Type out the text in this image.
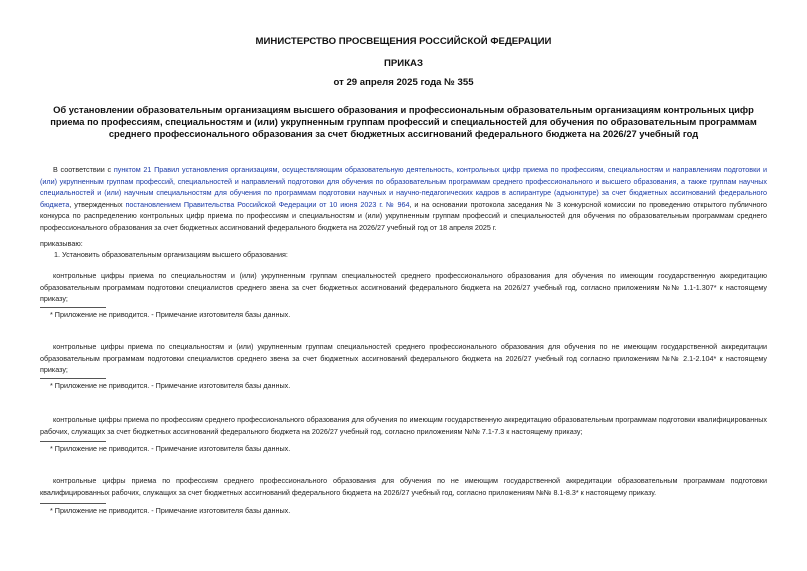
МИНИСТЕРСТВО ПРОСВЕЩЕНИЯ РОССИЙСКОЙ ФЕДЕРАЦИИ
ПРИКАЗ
от 29 апреля 2025 года № 355
Об установлении образовательным организациям высшего образования и профессиональным образовательным организациям контрольных цифр приема по профессиям, специальностям и (или) укрупненным группам профессий и специальностей для обучения по образовательным программам среднего профессионального образования за счет бюджетных ассигнований федерального бюджета на 2026/27 учебный год
В соответствии с пунктом 21 Правил установления организациям, осуществляющим образовательную деятельность, контрольных цифр приема по профессиям, специальностям и направлениям подготовки и (или) укрупненным группам профессий, специальностей и направлений подготовки для обучения по образовательным программам среднего профессионального и высшего образования, а также группам научных специальностей и (или) научным специальностям для обучения по программам подготовки научных и научно-педагогических кадров в аспирантуре (адъюнктуре) за счет бюджетных ассигнований федерального бюджета, утвержденных постановлением Правительства Российской Федерации от 10 июня 2023 г. № 964, и на основании протокола заседания № 3 конкурсной комиссии по проведению открытого публичного конкурса по распределению контрольных цифр приема по профессиям и специальностям и (или) укрупненным группам профессий и специальностей для обучения по образовательным программам среднего профессионального образования за счет бюджетных ассигнований федерального бюджета на 2026/27 учебный год от 18 апреля 2025 г.
приказываю:
1. Установить образовательным организациям высшего образования:
контрольные цифры приема по специальностям и (или) укрупненным группам специальностей среднего профессионального образования для обучения по имеющим государственную аккредитацию образовательным программам подготовки специалистов среднего звена за счет бюджетных ассигнований федерального бюджета на 2026/27 учебный год, согласно приложениям №№ 1.1-1.307* к настоящему приказу;
* Приложение не приводится. - Примечание изготовителя базы данных.
контрольные цифры приема по специальностям и (или) укрупненным группам специальностей среднего профессионального образования для обучения по не имеющим государственной аккредитации образовательным программам подготовки специалистов среднего звена за счет бюджетных ассигнований федерального бюджета на 2026/27 учебный год согласно приложениям №№ 2.1-2.104* к настоящему приказу;
* Приложение не приводится. - Примечание изготовителя базы данных.
контрольные цифры приема по профессиям среднего профессионального образования для обучения по имеющим государственную аккредитацию образовательным программам подготовки квалифицированных рабочих, служащих за счет бюджетных ассигнований федерального бюджета на 2026/27 учебный год, согласно приложениям №№ 7.1-7.3 к настоящему приказу;
* Приложение не приводится. - Примечание изготовителя базы данных.
контрольные цифры приема по профессиям среднего профессионального образования для обучения по не имеющим государственной аккредитации образовательным программам подготовки квалифицированных рабочих, служащих за счет бюджетных ассигнований федерального бюджета на 2026/27 учебный год, согласно приложениям №№ 8.1-8.3* к настоящему приказу.
* Приложение не приводится. - Примечание изготовителя базы данных.
